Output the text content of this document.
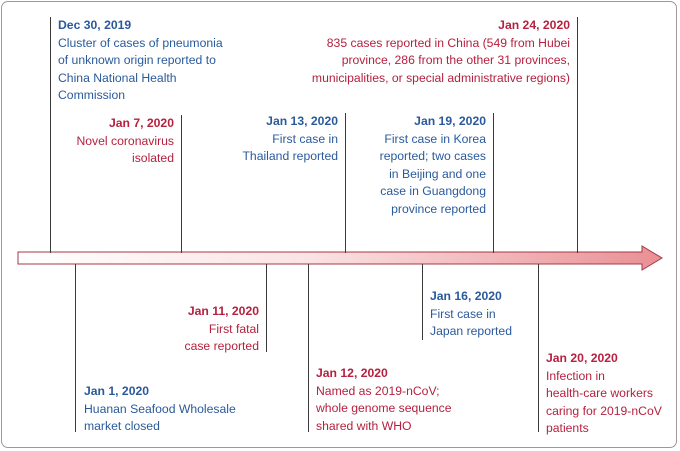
Dec 30, 2019
Cluster of cases of pneumonia
of unknown origin reported to
China National Health
Commission
Jan 1, 2020
Huanan Seafood Wholesale
market closed
Jan 7, 2020
Novel coronavirus
isolated
Jan 11, 2020
First fatal
case reported
Jan 12, 2020
Named as 2019-nCoV;
whole genome sequence
shared with WHO
Jan 13, 2020
First case in
Thailand reported
Jan 16, 2020
First case in
Japan reported
Jan 19, 2020
First case in Korea
reported; two cases
in Beijing and one
case in Guangdong
province reported
Jan 20, 2020
Infection in
health-care workers
caring for 2019-nCoV
patients
Jan 24, 2020
835 cases reported in China (549 from Hubei
province, 286 from the other 31 provinces,
municipalities, or special administrative regions)
